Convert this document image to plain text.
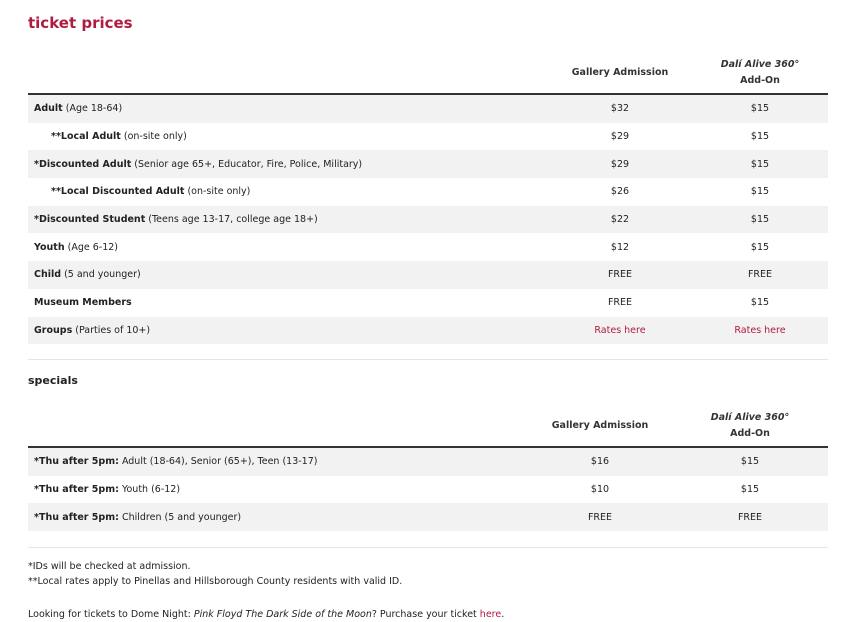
ticket prices
	Gallery Admission	Dalí Alive 360°
Add-On

Adult (Age 18-64)	$32	$15
**Local Adult (on-site only)	$29	$15
*Discounted Adult (Senior age 65+, Educator, Fire, Police, Military)	$29	$15
**Local Discounted Adult (on-site only)	$26	$15
*Discounted Student (Teens age 13-17, college age 18+)	$22	$15
Youth (Age 6-12)	$12	$15
Child (5 and younger)	FREE	FREE
Museum Members	FREE	$15
Groups (Parties of 10+)	Rates here	Rates here
specials
	Gallery Admission	Dalí Alive 360°
Add-On

*Thu after 5pm: Adult (18-64), Senior (65+), Teen (13-17)	$16	$15
*Thu after 5pm: Youth (6-12)	$10	$15
*Thu after 5pm: Children (5 and younger)	FREE	FREE

*IDs will be checked at admission.

**Local rates apply to Pinellas and Hillsborough County residents with valid ID.

Looking for tickets to Dome Night: Pink Floyd The Dark Side of the Moon? Purchase your ticket here.
